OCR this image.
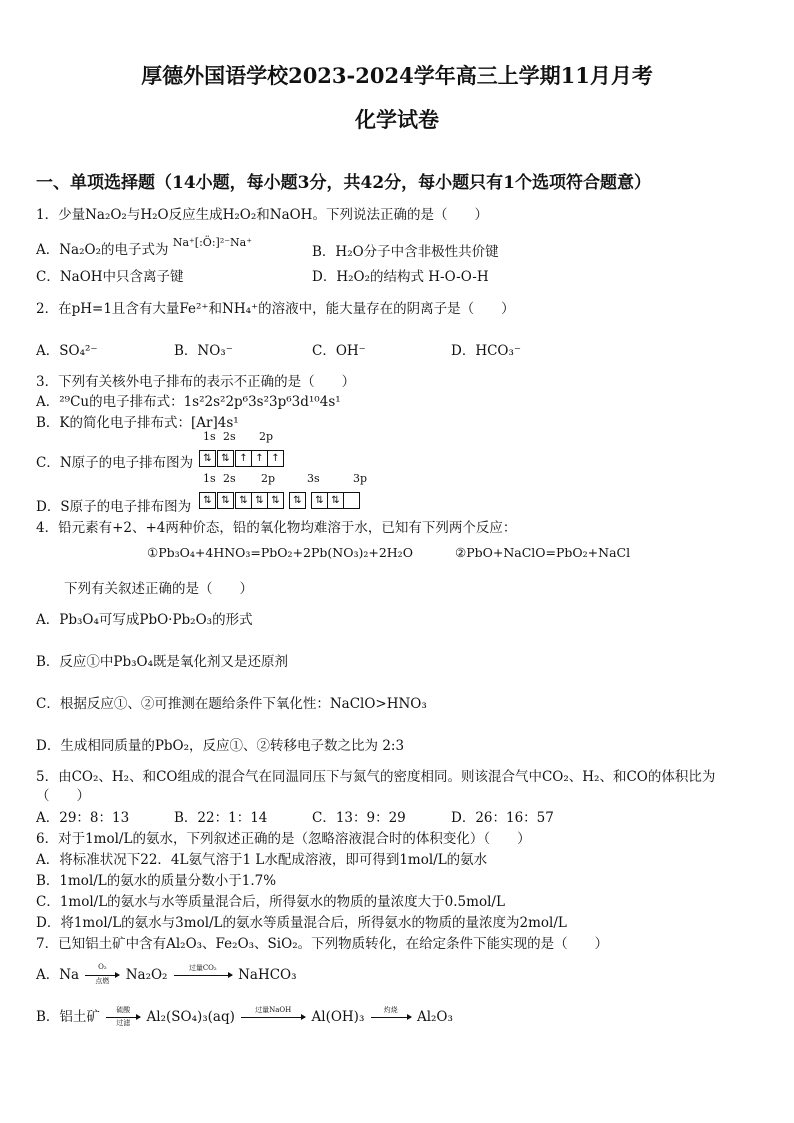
厚德外国语学校2023-2024学年高三上学期11月月考
化学试卷
一、单项选择题（14小题，每小题3分，共42分，每小题只有1个选项符合题意）
1．少量Na₂O₂与H₂O反应生成H₂O₂和NaOH。下列说法正确的是（　　）
A．Na₂O₂的电子式为 $^{Na^+[:Ö:]^{2-}Na^+}$
B．H₂O分子中含非极性共价键
C．NaOH中只含离子键	D．H₂O₂的结构式 H-O-O-H
2．在pH=1且含有大量Fe²⁺和NH₄⁺的溶液中，能大量存在的阴离子是（　　）
A．SO₄²⁻	B．NO₃⁻	C．OH⁻	D．HCO₃⁻
3．下列有关核外电子排布的表示不正确的是（　　）
A．²⁹Cu的电子排布式：1s²2s²2p⁶3s²3p⁶3d¹⁰4s¹
B．K的简化电子排布式：[Ar]4s¹
C．N原子的电子排布图为
1s 2s 2p
⇅ ⇅ ↑ ↑ ↑
D．S原子的电子排布图为
1s 2s 2p	3s	3p
⇅ ⇅ ⇅ ⇅ ⇅ ⇅ ⇅ ⇅
4．铅元素有+2、+4两种价态，铅的氧化物均难溶于水，已知有下列两个反应：
①Pb₃O₄+4HNO₃=PbO₂+2Pb(NO₃)₂+2H₂O	②PbO+NaClO=PbO₂+NaCl
下列有关叙述正确的是（　　）
A．Pb₃O₄可写成PbO·Pb₂O₃的形式
B．反应①中Pb₃O₄既是氧化剂又是还原剂
C．根据反应①、②可推测在题给条件下氧化性：NaClO>HNO₃
D．生成相同质量的PbO₂，反应①、②转移电子数之比为 2:3
5．由CO₂、H₂、和CO组成的混合气在同温同压下与氮气的密度相同。则该混合气中CO₂、H₂、和CO的体积比为
（　　）
A．29：8：13	B．22：1：14	C．13：9：29	D．26：16：57
6．对于1mol/L的氨水，下列叙述正确的是（忽略溶液混合时的体积变化）（　　）
A．将标准状况下22．4L氨气溶于1 L水配成溶液，即可得到1mol/L的氨水
B．1mol/L的氨水的质量分数小于1.7%
C．1mol/L的氨水与水等质量混合后，所得氨水的物质的量浓度大于0.5mol/L
D．将1mol/L的氨水与3mol/L的氨水等质量混合后，所得氨水的物质的量浓度为2mol/L
7．已知铝土矿中含有Al₂O₃、Fe₂O₃、SiO₂。下列物质转化，在给定条件下能实现的是（　　）
A．Na	O₂
点燃	Na₂O₂	过量CO₂	NaHCO₃
B．铝土矿	硫酸
过滤	Al₂(SO₄)₃(aq)	过量NaOH	Al(OH)₃	灼烧	Al₂O₃
